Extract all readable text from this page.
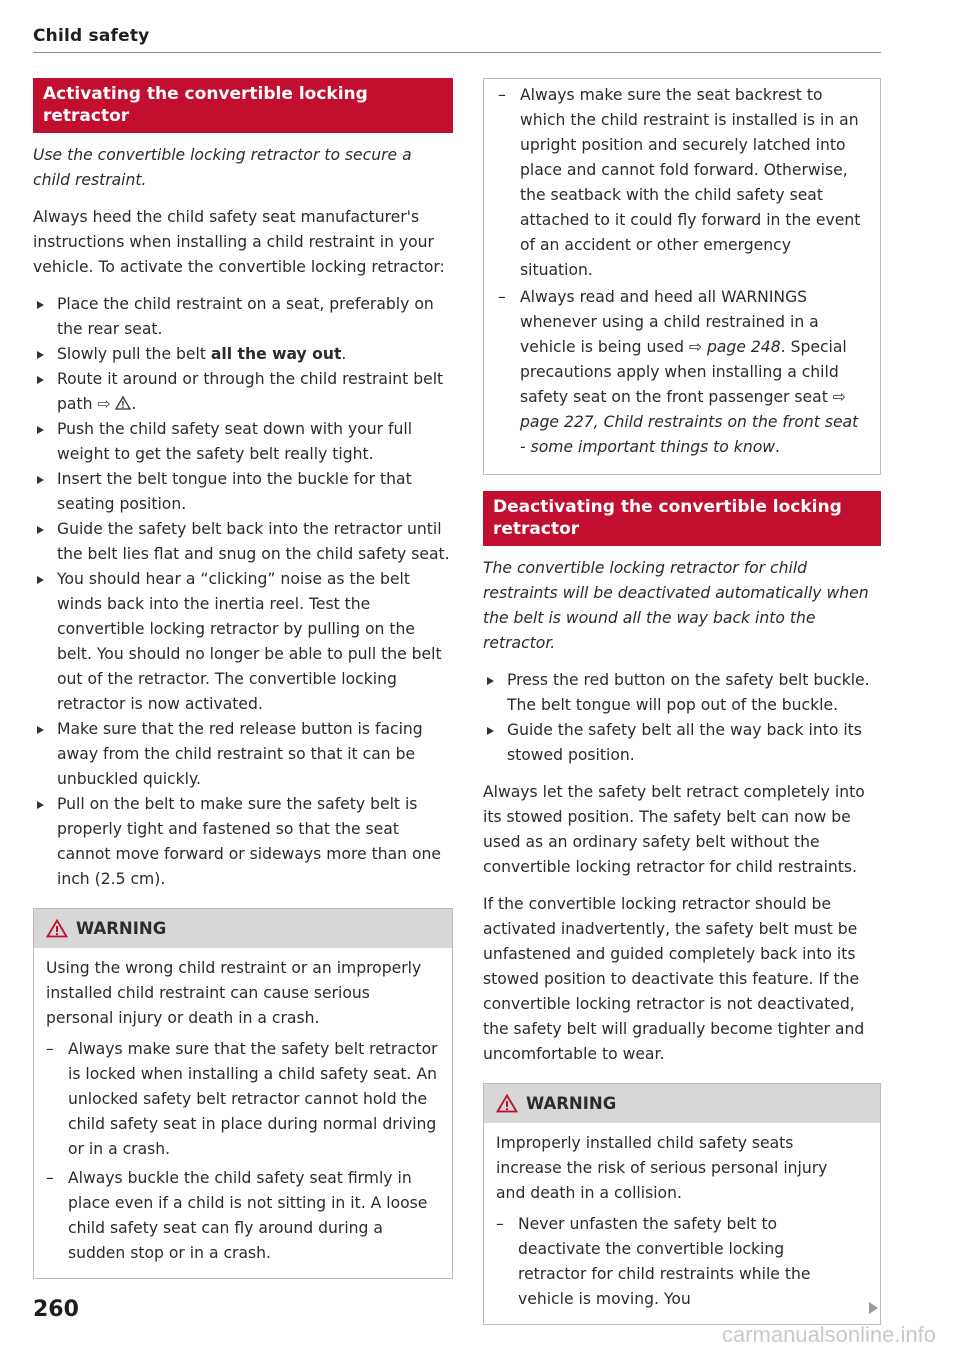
Child safety
Activating the convertible locking retractor

Use the convertible locking retractor to secure a child restraint.

Always heed the child safety seat manufacturer's instructions when installing a child restraint in your vehicle. To activate the convertible locking retractor:

Place the child restraint on a seat, preferably on the rear seat.
Slowly pull the belt all the way out.
Route it around or through the child restraint belt path ⇨ .
Push the child safety seat down with your full weight to get the safety belt really tight.
Insert the belt tongue into the buckle for that seating position.
Guide the safety belt back into the retractor until the belt lies flat and snug on the child safety seat.
You should hear a “clicking” noise as the belt winds back into the inertia reel. Test the convertible locking retractor by pulling on the belt. You should no longer be able to pull the belt out of the retractor. The convertible locking retractor is now activated.
Make sure that the red release button is facing away from the child restraint so that it can be unbuckled quickly.
Pull on the belt to make sure the safety belt is properly tight and fastened so that the seat cannot move forward or sideways more than one inch (2.5 cm).
WARNING

Using the wrong child restraint or an improperly installed child restraint can cause serious personal injury or death in a crash.

– Always make sure that the safety belt retractor is locked when installing a child safety seat. An unlocked safety belt retractor cannot hold the child safety seat in place during normal driving or in a crash.
– Always buckle the child safety seat firmly in place even if a child is not sitting in it. A loose child safety seat can fly around during a sudden stop or in a crash.
– Always make sure the seat backrest to which the child restraint is installed is in an upright position and securely latched into place and cannot fold forward. Otherwise, the seatback with the child safety seat attached to it could fly forward in the event of an accident or other emergency situation.
– Always read and heed all WARNINGS whenever using a child restrained in a vehicle is being used ⇨ page 248. Special precautions apply when installing a child safety seat on the front passenger seat ⇨ page 227, Child restraints on the front seat - some important things to know.
Deactivating the convertible locking retractor

The convertible locking retractor for child restraints will be deactivated automatically when the belt is wound all the way back into the retractor.

Press the red button on the safety belt buckle. The belt tongue will pop out of the buckle.
Guide the safety belt all the way back into its stowed position.

Always let the safety belt retract completely into its stowed position. The safety belt can now be used as an ordinary safety belt without the convertible locking retractor for child restraints.

If the convertible locking retractor should be activated inadvertently, the safety belt must be unfastened and guided completely back into its stowed position to deactivate this feature. If the convertible locking retractor is not deactivated, the safety belt will gradually become tighter and uncomfortable to wear.

WARNING

Improperly installed child safety seats increase the risk of serious personal injury and death in a collision.

– Never unfasten the safety belt to deactivate the convertible locking retractor for child restraints while the vehicle is moving. You
260
carmanualsonline.info
